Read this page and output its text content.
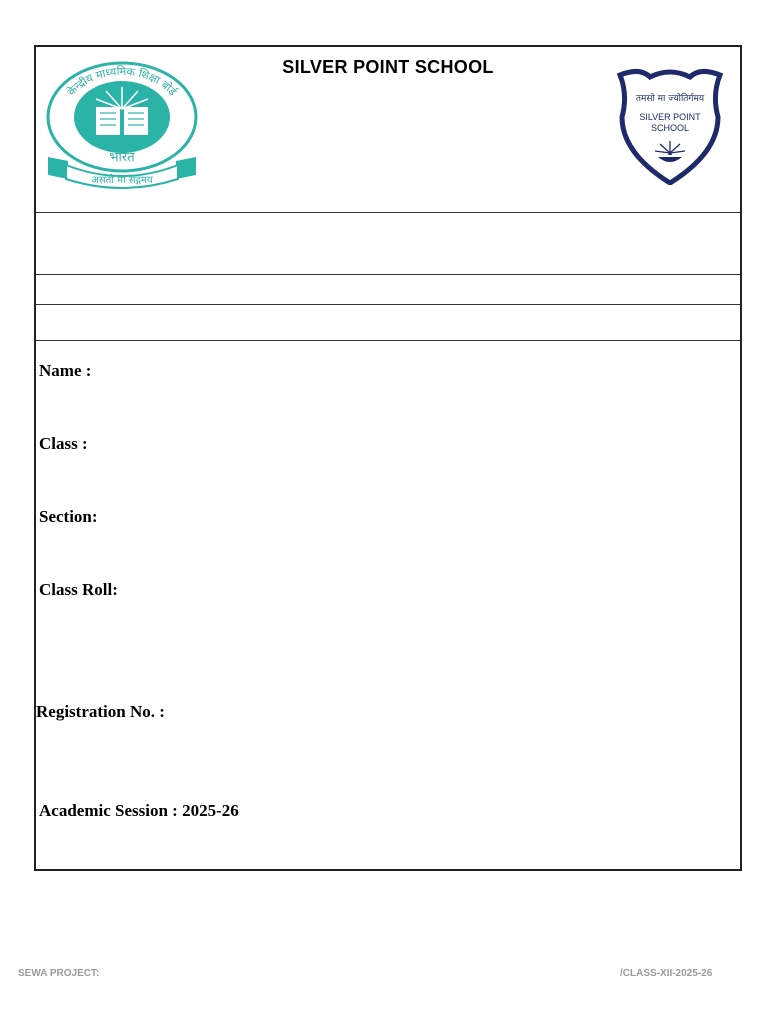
SILVER POINT SCHOOL
केन्द्रीय माध्यमिक शिक्षा बोर्ड
भारत
असतो मा सद्गमय
तमसो मा ज्योतिर्गमय
SILVER POINT
SCHOOL
Name :
Class :
Section:
Class Roll:
Registration No. :
Academic Session : 2025-26
SEWA PROJECT:	/CLASS-XII-2025-26
